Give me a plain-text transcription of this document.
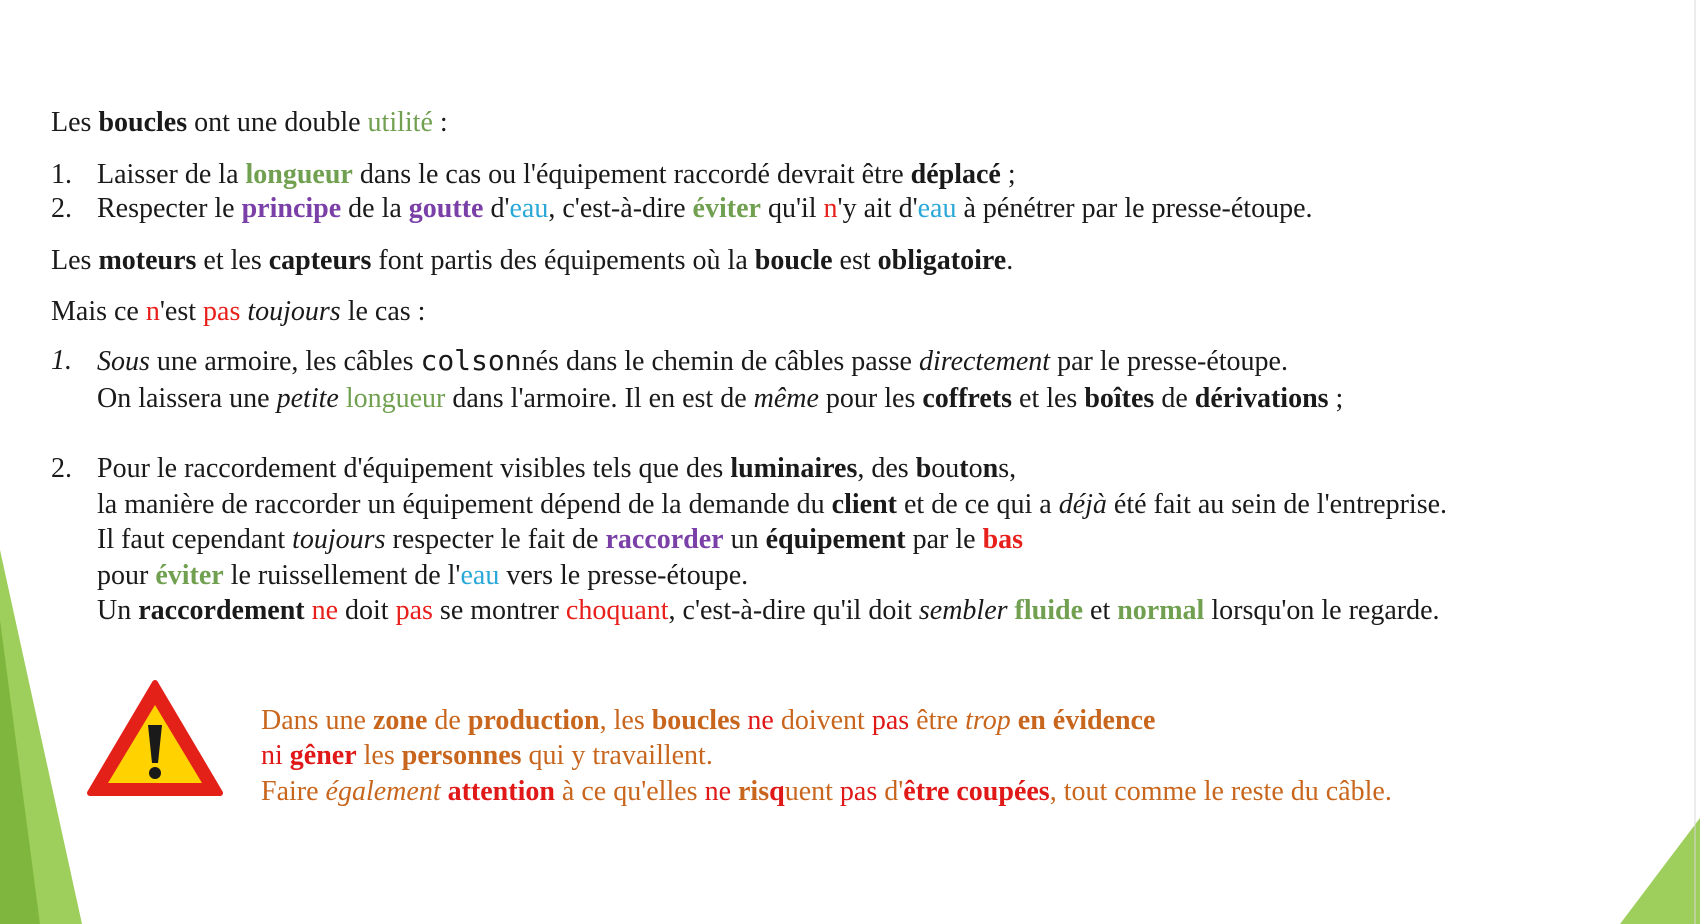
Les boucles ont une double utilité :
1. Laisser de la longueur dans le cas ou l'équipement raccordé devrait être déplacé ;
2. Respecter le principe de la goutte d'eau, c'est-à-dire éviter qu'il n'y ait d'eau à pénétrer par le presse-étoupe.
Les moteurs et les capteurs font partis des équipements où la boucle est obligatoire.
Mais ce n'est pas toujours le cas :
1. Sous une armoire, les câbles colsonnés dans le chemin de câbles passe directement par le presse-étoupe.
On laissera une petite longueur dans l'armoire. Il en est de même pour les coffrets et les boîtes de dérivations ;
2. Pour le raccordement d'équipement visibles tels que des luminaires, des boutons,
la manière de raccorder un équipement dépend de la demande du client et de ce qui a déjà été fait au sein de l'entreprise.
Il faut cependant toujours respecter le fait de raccorder un équipement par le bas
pour éviter le ruissellement de l'eau vers le presse-étoupe.
Un raccordement ne doit pas se montrer choquant, c'est-à-dire qu'il doit sembler fluide et normal lorsqu'on le regarde.
Dans une zone de production, les boucles ne doivent pas être trop en évidence
ni gêner les personnes qui y travaillent.
Faire également attention à ce qu'elles ne risquent pas d'être coupées, tout comme le reste du câble.
